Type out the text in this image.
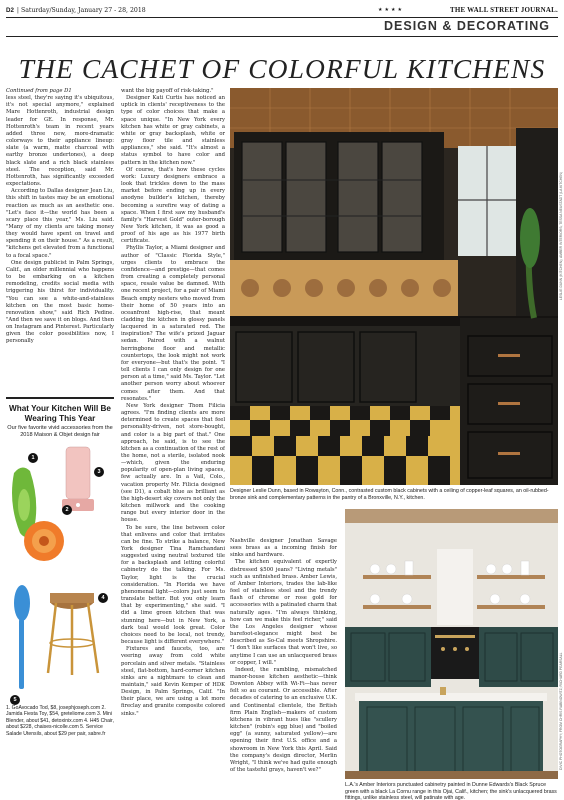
D2 | Saturday/Sunday, January 27 - 28, 2018	★★★★	THE WALL STREET JOURNAL.
DESIGN & DECORATING
THE CACHET OF COLORFUL KITCHENS

Continued from page D1

less steel, they're saying it's ubiquitous, it's not special anymore," explained Mare Hottenroth, industrial design leader for GE. In response, Mr. Hottenroth's team in recent years added three new, more-dramatic colorways to their appliance lineup: slate (a warm, matte charcoal with earthy bronze undertones), a deep black slate and a rich black stainless steel. The reception, said Mr. Hottenroth, has significantly exceeded expectations.

According to Dallas designer Jean Liu, this shift in tastes may be an emotional reaction as much as an aesthetic one. "Let's face it—the world has been a scary place this year," Ms. Liu said. "Many of my clients are taking money they would have spent on travel and spending it on their house." As a result, "kitchens get elevated from a functional to a focal space."

One design publicist in Palm Springs, Calif., an older millennial who happens to be embarking on a kitchen remodeling, credits social media with triggering his thirst for individuality. "You can see a white-and-stainless kitchen on the most basic home-renovation show," said Rich Pedine. "And then we save it on blogs. And then on Instagram and Pinterest. Particularly given the color possibilities now, I personally

What Your Kitchen Will Be Wearing This Year
Our five favorite vivid accessories from the 2018 Maison & Objet design fair
1
2
3
4
5
1. GoAvocado Tod, $8, josephjoseph.com 2. Jamida Fiesta Toy, $54, greteliome.com 3. Mini Blender, about $41, detoxinix.com 4. H45 Chair, about $228, chaises-nicolle.com 5. Service Salade Utensils, about $29 per pair, sabre.fr

want the big payoff of risk-taking."

Designer Kati Curtis has noticed an uptick in clients' receptiveness to the type of color choices that make a space unique. "In New York every kitchen has white or gray cabinets, a white or gray backsplash, white or gray floor tile and stainless appliances," she said. "It's almost a status symbol to have color and pattern in the kitchen now."

Of course, that's how these cycles work: Luxury designers embrace a look that trickles down to the mass market before ending up in every anodyne builder's kitchen, thereby becoming a surefire way of dating a space. When I first saw my husband's family's "Harvest Gold" outer-borough New York kitchen, it was as good a proof of his age as his 1977 birth certificate.

Phyllis Taylor, a Miami designer and author of "Classic Florida Style," urges clients to embrace the confidence—and prestige—that comes from creating a completely personal space, resale value be damned. With one recent project, for a pair of Miami Beach empty nesters who moved from their home of 50 years into an oceanfront high-rise, that meant cladding the kitchen in glossy panels lacquered in a saturated red. The inspiration? The wife's prized Jaguar sedan. Paired with a walnut herringbone floor and metallic countertops, the look might not work for everyone—but that's the point. "I tell clients I can only design for one person at a time," said Ms. Taylor. "Let another person worry about whoever comes after them. And that resonates."

New York designer Thom Filicia agrees. "I'm finding clients are more determined to create spaces that feel personality-driven, not store-bought, and color is a big part of that." One approach, he said, is to see the kitchen as a continuation of the rest of the home, not a sterile, isolated nook—which, given the enduring popularity of open-plan living spaces, few actually are. In a Vail, Colo., vacation property Mr. Filicia designed (see D1), a cobalt blue as brilliant as the high-desert sky covers not only the kitchen millwork and the cooking range but every interior door in the house.

To be sure, the line between color that enlivens and color that irritates can be fine. To strike a balance, New York designer Tina Ramchandani suggested using neutral textured tile for a backsplash and letting colorful cabinetry do the talking. For Ms. Taylor, light is the crucial consideration. "In Florida we have phenomenal light—colors just seem to translate better. But you only learn that by experimenting," she said. "I did a lime green kitchen that was stunning here—but in New York, a dark teal would look great. Color choices need to be local, not trendy, because light is different everywhere."

Fixtures and faucets, too, are veering away from cold white porcelain and silver metals. "Stainless steel, flat-bottom, hard-corner kitchen sinks are a nightmare to clean and maintain," said Kevin Kemper of HDK Design, in Palm Springs, Calif. "In their place, we are using a lot more fireclay and granite composite colored sinks."

Designer Leslie Dunn, based in Rowayton, Conn., contrasted custom black cabinets with a ceiling of copper-leaf squares, an oil-rubbed-bronze sink and complementary patterns in the pantry of a Bronxville, N.Y., kitchen.
LESLIE DUNN (KITCHEN); AMBER INTERIORS; TESSA NEUSTADT (LA KITCHEN)

Nashville designer Jonathan Savage sees brass as a incoming finish for sinks and hardware.

The kitchen equivalent of expertly distressed $500 jeans? "Living metals" such as unfinished brass. Amber Lewis, of Amber Interiors, trades the lab-like feel of stainless steel and the trendy flash of chrome or rose gold for accessories with a patinated charm that naturally ages. "I'm always thinking, how can we make this feel richer," said the Los Angeles designer whose barefoot-elegance might best be described as So-Cal meets Shropshire. "I don't like surfaces that won't live, so anytime I can use an unlacquered brass or copper, I will."

Indeed, the rambling, mismatched manor-house kitchen aesthetic—think Downton Abbey with Wi-Fi—has never felt so au courant. Or accessible. After decades of catering to an exclusive U.K. and Continental clientele, the British firm Plain English—makers of custom kitchens in vibrant hues like "scullery kitchen" (robin's egg blue) and "boiled egg" (a sunny, saturated yellow)—are opening their first U.S. office and a showroom in New York this April. Said the company's design director, Merlin Wright, "I think we've had quite enough of the tasteful grays, haven't we?"

L.A.'s Amber Interiors punctuated cabinetry painted in Dunne Edwards's Black Spruce green with a black La Cornu range in this Ojai, Calif., kitchen; the sink's unlacquered brass fittings, unlike stainless steel, will patinate with age.
DIVIC PHOTOGRAPHY; FROM CHRIS RABINOWITZ; RICHARD PEARSALL
